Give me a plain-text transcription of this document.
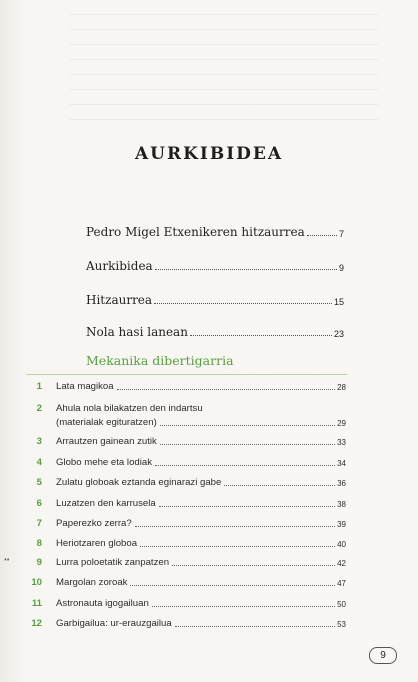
AURKIBIDEA
Pedro Migel Etxenikeren hitzaurrea	7
Aurkibidea	9
Hitzaurrea	15
Nola hasi lanean	23
Mekanika dibertigarria
1 Lata magikoa	28
2 Ahula nola bilakatzen den indartsu
(materialak egituratzen)	29
3 Arrautzen gainean zutik	33
4 Globo mehe eta lodiak	34
5 Zulatu globoak eztanda eginarazi gabe	36
6 Luzatzen den karrusela	38
7 Paperezko zerra?	39
8 Heriotzaren globoa	40
**	9 Lurra poloetatik zanpatzen	42
10 Margolan zoroak	47
11 Astronauta igogailuan	50
12 Garbigailua: ur-erauzgailua	53
9
